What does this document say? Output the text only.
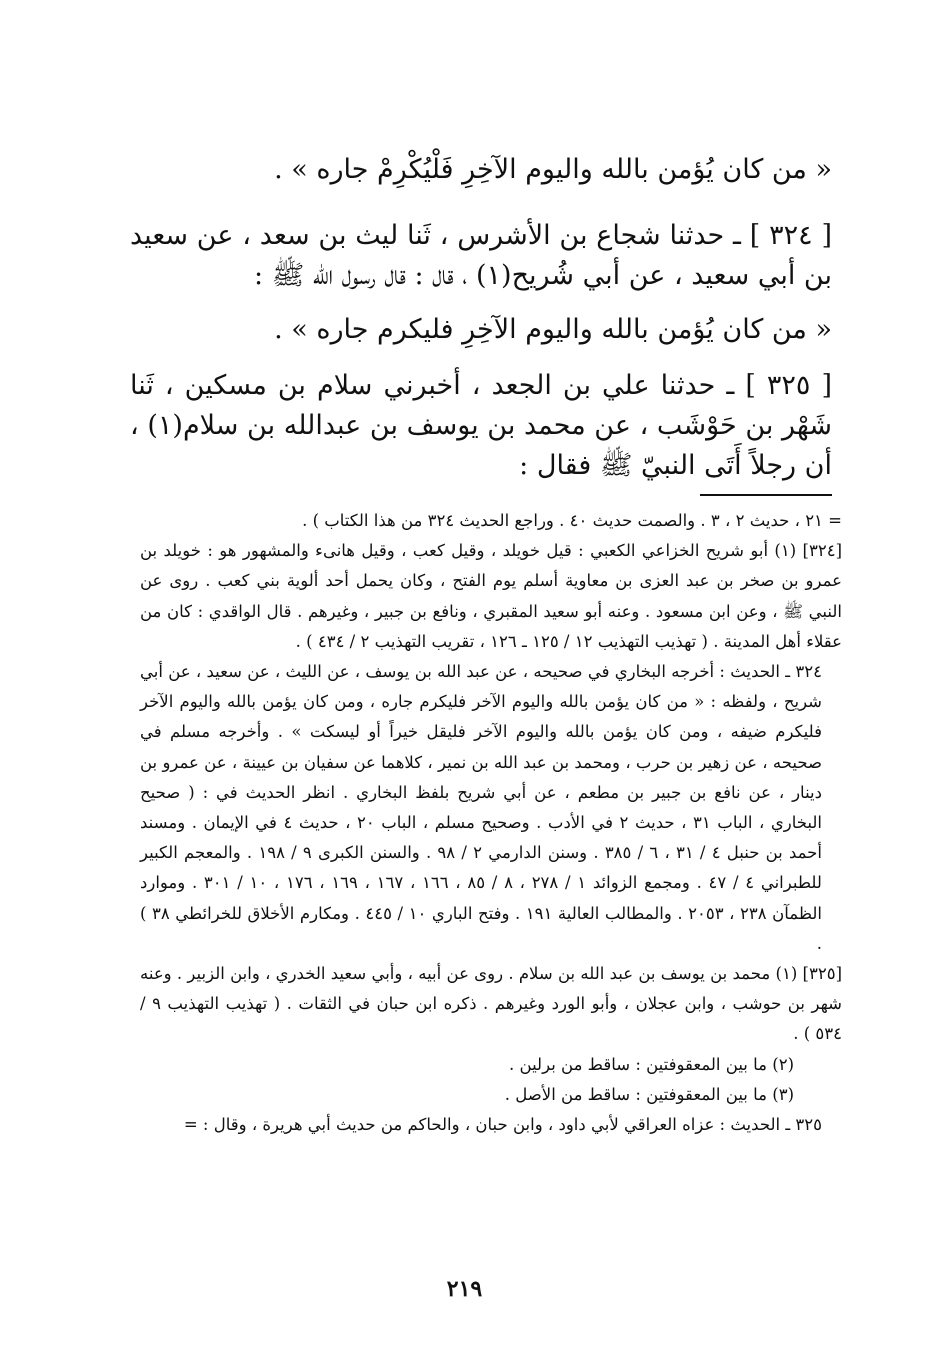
« من كان يُؤمن بالله والیوم الآخِرِ فَلْيُكْرِمْ جاره » .
[ ٣٢٤ ] ـ حدثنا شجاع بن الأشرس ، ثَنا ليث بن سعد ، عن سعيد بن أبي سعيد ، عن أبي شُريح(١) ، قال : قال رسول الله ﷺ :
« من كان يُؤمن بالله واليوم الآخِرِ فليكرم جاره » .
[ ٣٢٥ ] ـ حدثنا علي بن الجعد ، أخبرني سلام بن مسكين ، ثَنا شَهْر بن حَوْشَب ، عن محمد بن يوسف بن عبدالله بن سلام(١) ، أن رجلاً أَتَى النبيّ ﷺ فقال :

= ٢١ ، حديث ٢ ، ٣ . والصمت حديث ٤٠ . وراجع الحديث ٣٢٤ من هذا الكتاب ) .

[٣٢٤] (١) أبو شريح الخزاعي الكعبي : قيل خويلد ، وقيل كعب ، وقيل هانىء والمشهور هو : خويلد بن عمرو بن صخر بن عبد العزى بن معاوية أسلم يوم الفتح ، وكان يحمل أحد ألوية بني كعب . روى عن النبي ﷺ ، وعن ابن مسعود . وعنه أبو سعيد المقبري ، ونافع بن جبير ، وغيرهم . قال الواقدي : كان من عقلاء أهل المدينة . ( تهذيب التهذيب ١٢ / ١٢٥ ـ ١٢٦ ، تقريب التهذيب ٢ / ٤٣٤ ) .

٣٢٤ ـ الحديث : أخرجه البخاري في صحيحه ، عن عبد الله بن يوسف ، عن الليث ، عن سعيد ، عن أبي شريح ، ولفظه : « من كان يؤمن بالله واليوم الآخر فليكرم جاره ، ومن كان يؤمن بالله واليوم الآخر فليكرم ضيفه ، ومن كان يؤمن بالله واليوم الآخر فليقل خيراً أو ليسكت » . وأخرجه مسلم في صحيحه ، عن زهير بن حرب ، ومحمد بن عبد الله بن نمير ، كلاهما عن سفيان بن عيينة ، عن عمرو بن دينار ، عن نافع بن جبير بن مطعم ، عن أبي شريح بلفظ البخاري . انظر الحديث في : ( صحيح البخاري ، الباب ٣١ ، حديث ٢ في الأدب . وصحيح مسلم ، الباب ٢٠ ، حديث ٤ في الإيمان . ومسند أحمد بن حنبل ٤ / ٣١ ، ٦ / ٣٨٥ . وسنن الدارمي ٢ / ٩٨ . والسنن الكبرى ٩ / ١٩٨ . والمعجم الكبير للطبراني ٤ / ٤٧ . ومجمع الزوائد ١ / ٢٧٨ ، ٨ / ٨٥ ، ١٦٦ ، ١٦٧ ، ١٦٩ ، ١٧٦ ، ١٠ / ٣٠١ . وموارد الظمآن ٢٣٨ ، ٢٠٥٣ . والمطالب العالية ١٩١ . وفتح الباري ١٠ / ٤٤٥ . ومكارم الأخلاق للخرائطي ٣٨ ) .

[٣٢٥] (١) محمد بن يوسف بن عبد الله بن سلام . روى عن أبيه ، وأبي سعيد الخدري ، وابن الزبير . وعنه شهر بن حوشب ، وابن عجلان ، وأبو الورد وغيرهم . ذكره ابن حبان في الثقات . ( تهذيب التهذيب ٩ / ٥٣٤ ) .

(٢) ما بين المعقوفتين : ساقط من برلين .

(٣) ما بين المعقوفتين : ساقط من الأصل .

٣٢٥ ـ الحديث : عزاه العراقي لأبي داود ، وابن حبان ، والحاكم من حديث أبي هريرة ، وقال : =

٢١٩
